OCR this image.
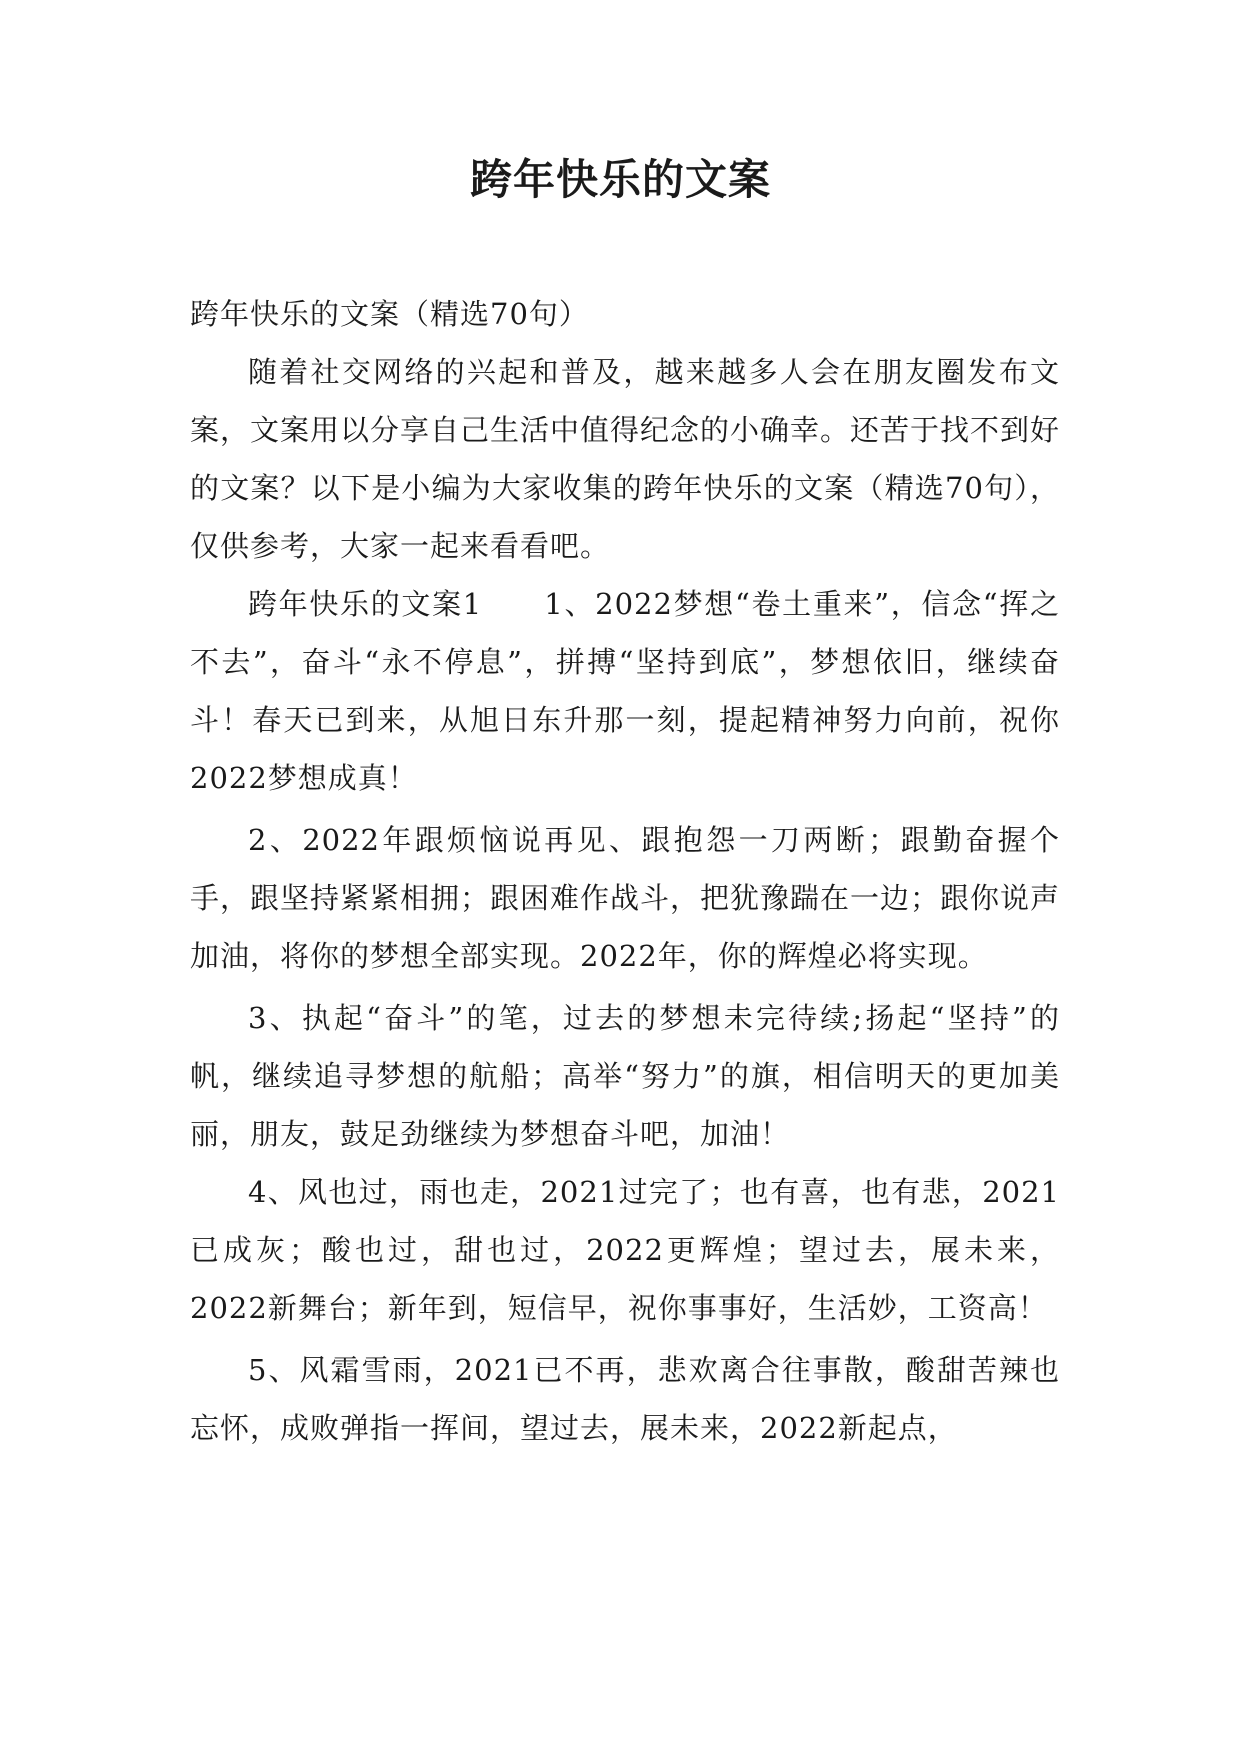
跨年快乐的文案

跨年快乐的文案（精选70句）

随着社交网络的兴起和普及，越来越多人会在朋友圈发布文案，文案用以分享自己生活中值得纪念的小确幸。还苦于找不到好的文案？以下是小编为大家收集的跨年快乐的文案（精选70句），仅供参考，大家一起来看看吧。

跨年快乐的文案1　　1、2022梦想“卷土重来”，信念“挥之不去”，奋斗“永不停息”，拼搏“坚持到底”，梦想依旧，继续奋斗！春天已到来，从旭日东升那一刻，提起精神努力向前，祝你2022梦想成真！

2、2022年跟烦恼说再见、跟抱怨一刀两断；跟勤奋握个手，跟坚持紧紧相拥；跟困难作战斗，把犹豫踹在一边；跟你说声加油，将你的梦想全部实现。2022年，你的辉煌必将实现。

3、执起“奋斗”的笔，过去的梦想未完待续;扬起“坚持”的帆，继续追寻梦想的航船；高举“努力”的旗，相信明天的更加美丽，朋友，鼓足劲继续为梦想奋斗吧，加油！

4、风也过，雨也走，2021过完了；也有喜，也有悲，2021已成灰；酸也过，甜也过，2022更辉煌；望过去，展未来，2022新舞台；新年到，短信早，祝你事事好，生活妙，工资高！

5、风霜雪雨，2021已不再，悲欢离合往事散，酸甜苦辣也忘怀，成败弹指一挥间，望过去，展未来，2022新起点，
